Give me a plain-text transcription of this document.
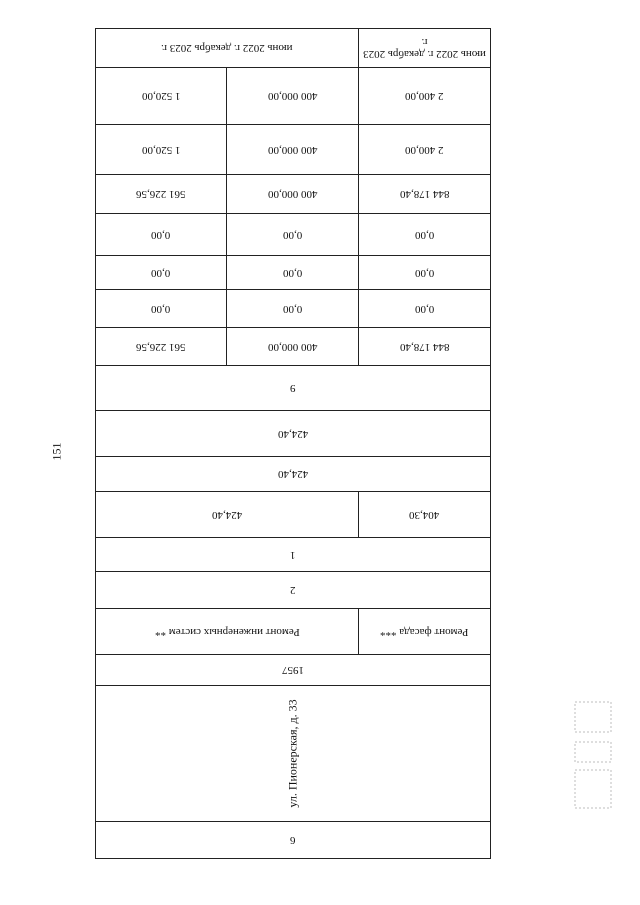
151
июнь 2022 г. декабрь 2023 г.		июнь 2022 г. декабрь 2023 г.
1 520,00	400 000,00	2 400,00
1 520,00	400 000,00	2 400,00
561 226,56	400 000,00	844 178,40
0,00	0,00	0,00
0,00	0,00	0,00
0,00	0,00	0,00
561 226,56	400 000,00	844 178,40
9		
424,40		
424,40		
424,40		404,30
1		
2		
Ремонт инженерных систем **		Ремонт фасада ***
1957		
ул. Пионерская, д. 33		
6		
